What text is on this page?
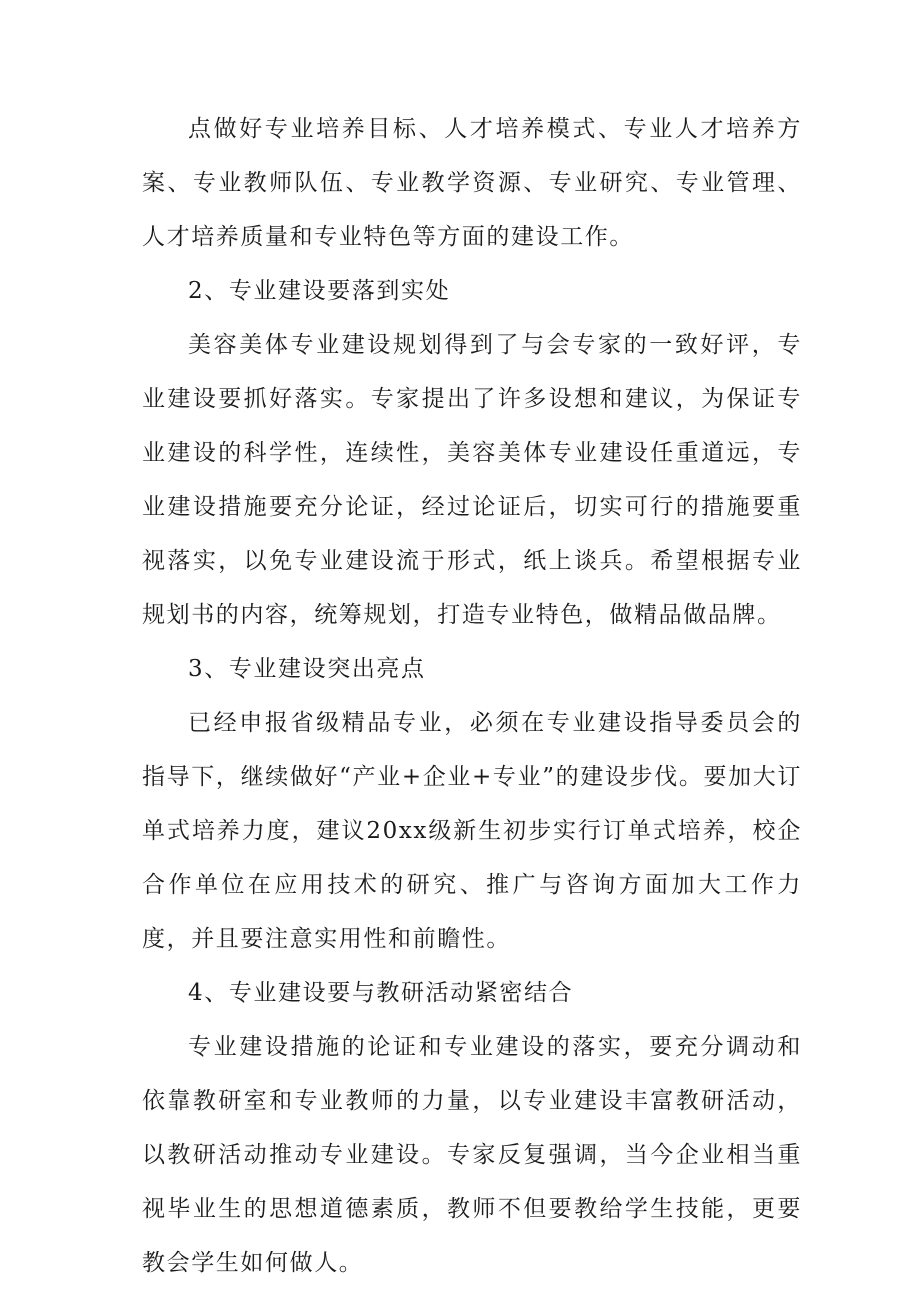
点做好专业培养目标、人才培养模式、专业人才培养方案、专业教师队伍、专业教学资源、专业研究、专业管理、人才培养质量和专业特色等方面的建设工作。

2、专业建设要落到实处

美容美体专业建设规划得到了与会专家的一致好评，专业建设要抓好落实。专家提出了许多设想和建议，为保证专业建设的科学性，连续性，美容美体专业建设任重道远，专业建设措施要充分论证，经过论证后，切实可行的措施要重视落实，以免专业建设流于形式，纸上谈兵。希望根据专业规划书的内容，统筹规划，打造专业特色，做精品做品牌。

3、专业建设突出亮点

已经申报省级精品专业，必须在专业建设指导委员会的指导下，继续做好“产业+企业+专业”的建设步伐。要加大订单式培养力度，建议20xx级新生初步实行订单式培养，校企合作单位在应用技术的研究、推广与咨询方面加大工作力度，并且要注意实用性和前瞻性。

4、专业建设要与教研活动紧密结合

专业建设措施的论证和专业建设的落实，要充分调动和依靠教研室和专业教师的力量，以专业建设丰富教研活动，以教研活动推动专业建设。专家反复强调，当今企业相当重视毕业生的思想道德素质，教师不但要教给学生技能，更要教会学生如何做人。
